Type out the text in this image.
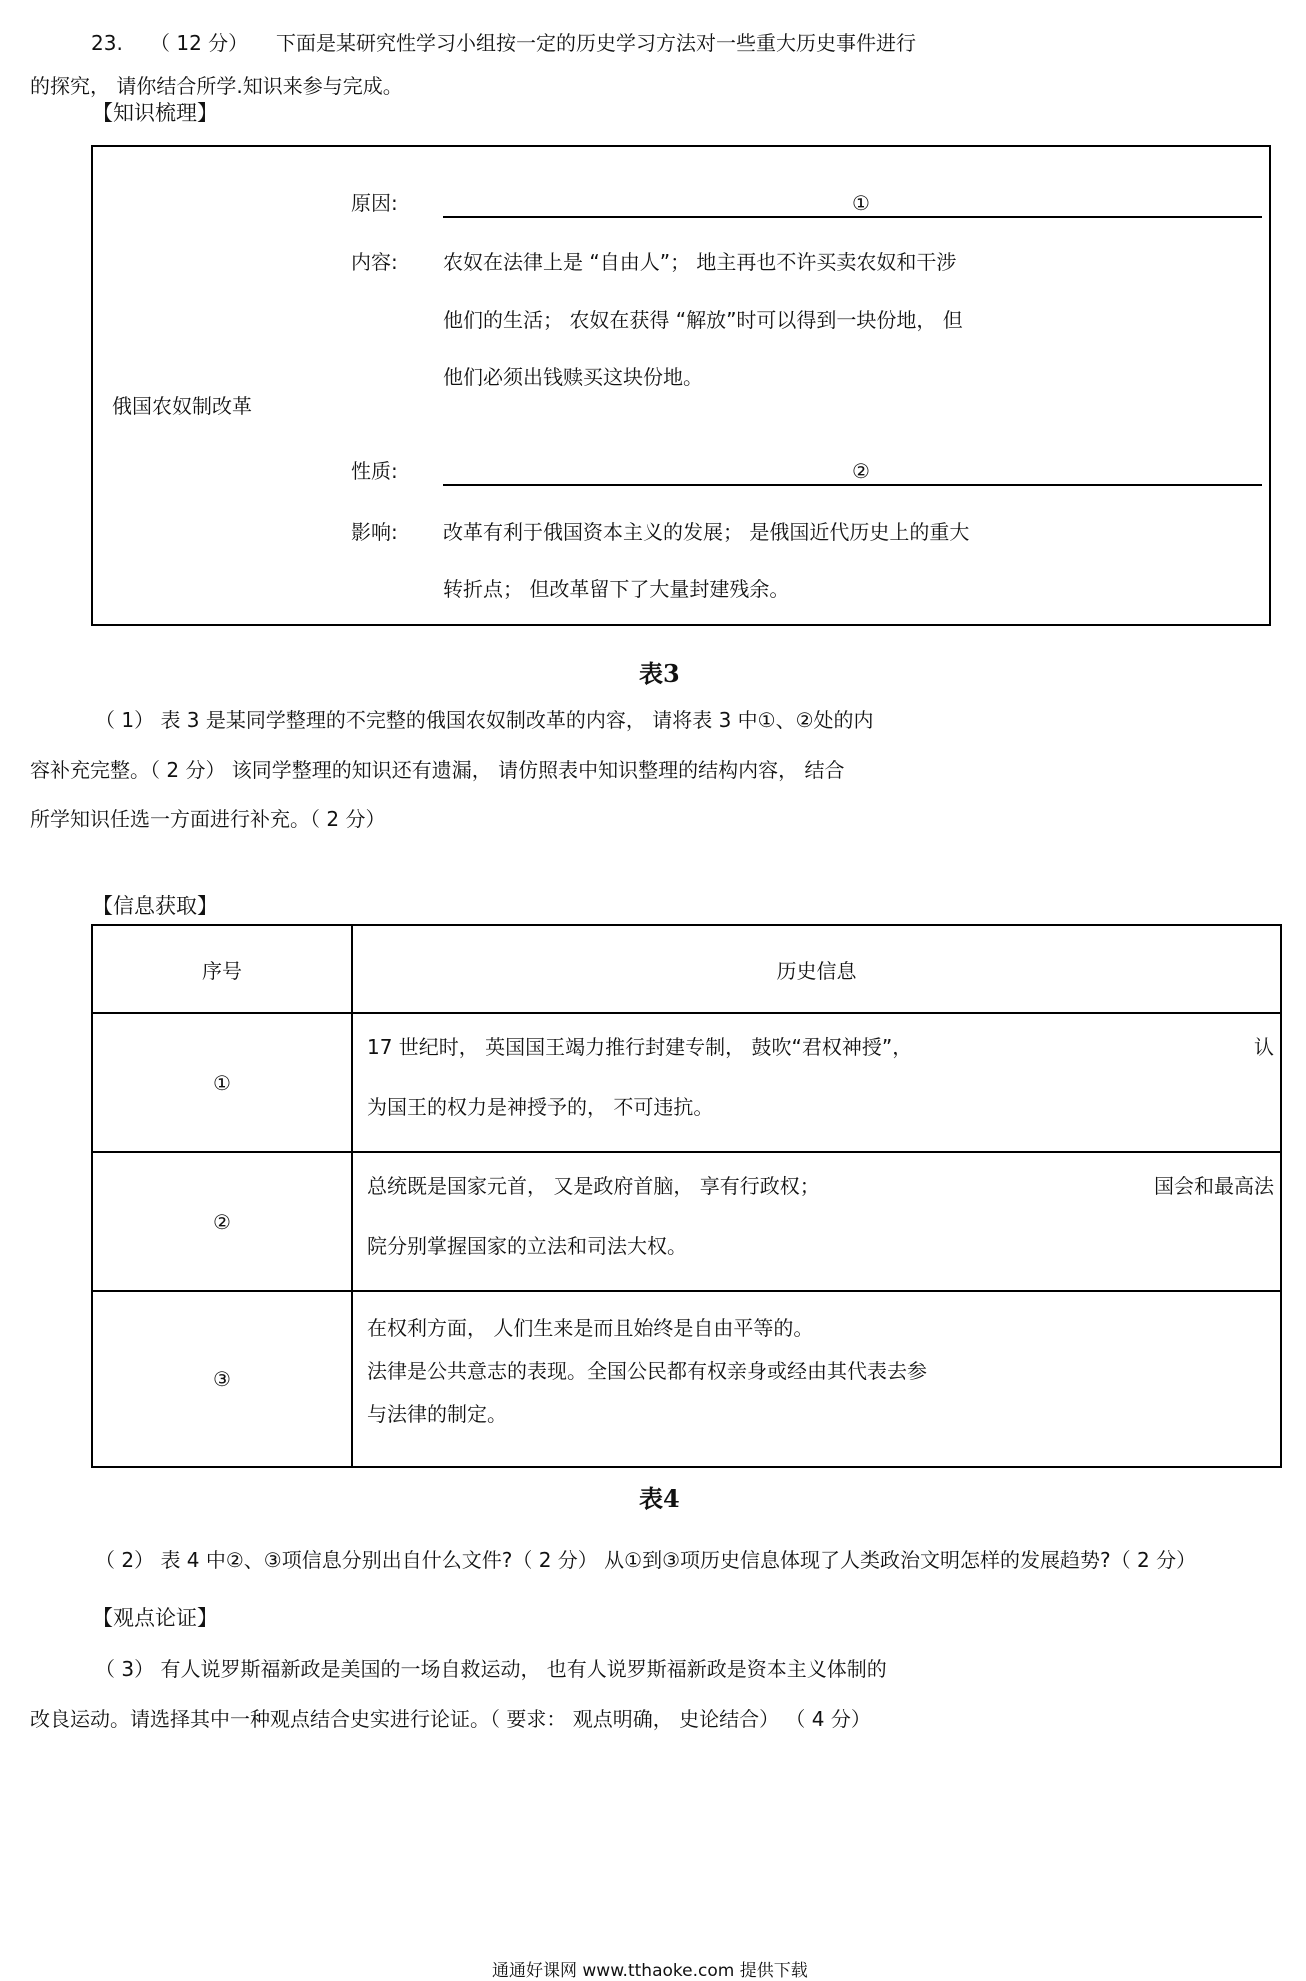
23. （ 12 分） 下面是某研究性学习小组按一定的历史学习方法对一些重大历史事件进行
的探究， 请你结合所学.知识来参与完成。
【知识梳理】
俄国农奴制改革
原因:	①
内容: 农奴在法律上是 “自由人”； 地主再也不许买卖农奴和干涉
他们的生活； 农奴在获得 “解放”时可以得到一块份地， 但
他们必须出钱赎买这块份地。
性质:	②
影响: 改革有利于俄国资本主义的发展； 是俄国近代历史上的重大
转折点； 但改革留下了大量封建残余。
表3
（ 1） 表 3 是某同学整理的不完整的俄国农奴制改革的内容， 请将表 3 中①、②处的内
容补充完整。（ 2 分） 该同学整理的知识还有遗漏， 请仿照表中知识整理的结构内容， 结合
所学知识任选一方面进行补充。（ 2 分）
【信息获取】
序号	历史信息
①	17 世纪时， 英国国王竭力推行封建专制， 鼓吹“君权神授”， 认
为国王的权力是神授予的， 不可违抗。

②	总统既是国家元首， 又是政府首脑， 享有行政权； 国会和最高法
院分别掌握国家的立法和司法大权。

③	在权利方面， 人们生来是而且始终是自由平等的。
法律是公共意志的表现。全国公民都有权亲身或经由其代表去参
与法律的制定。
表4
（ 2） 表 4 中②、③项信息分别出自什么文件?（ 2 分） 从①到③项历史信息体现了人类政治文明怎样的发展趋势?（ 2 分）
【观点论证】
（ 3） 有人说罗斯福新政是美国的一场自救运动， 也有人说罗斯福新政是资本主义体制的
改良运动。请选择其中一种观点结合史实进行论证。（ 要求： 观点明确， 史论结合） （ 4 分）
通通好课网 www.tthaoke.com 提供下载
